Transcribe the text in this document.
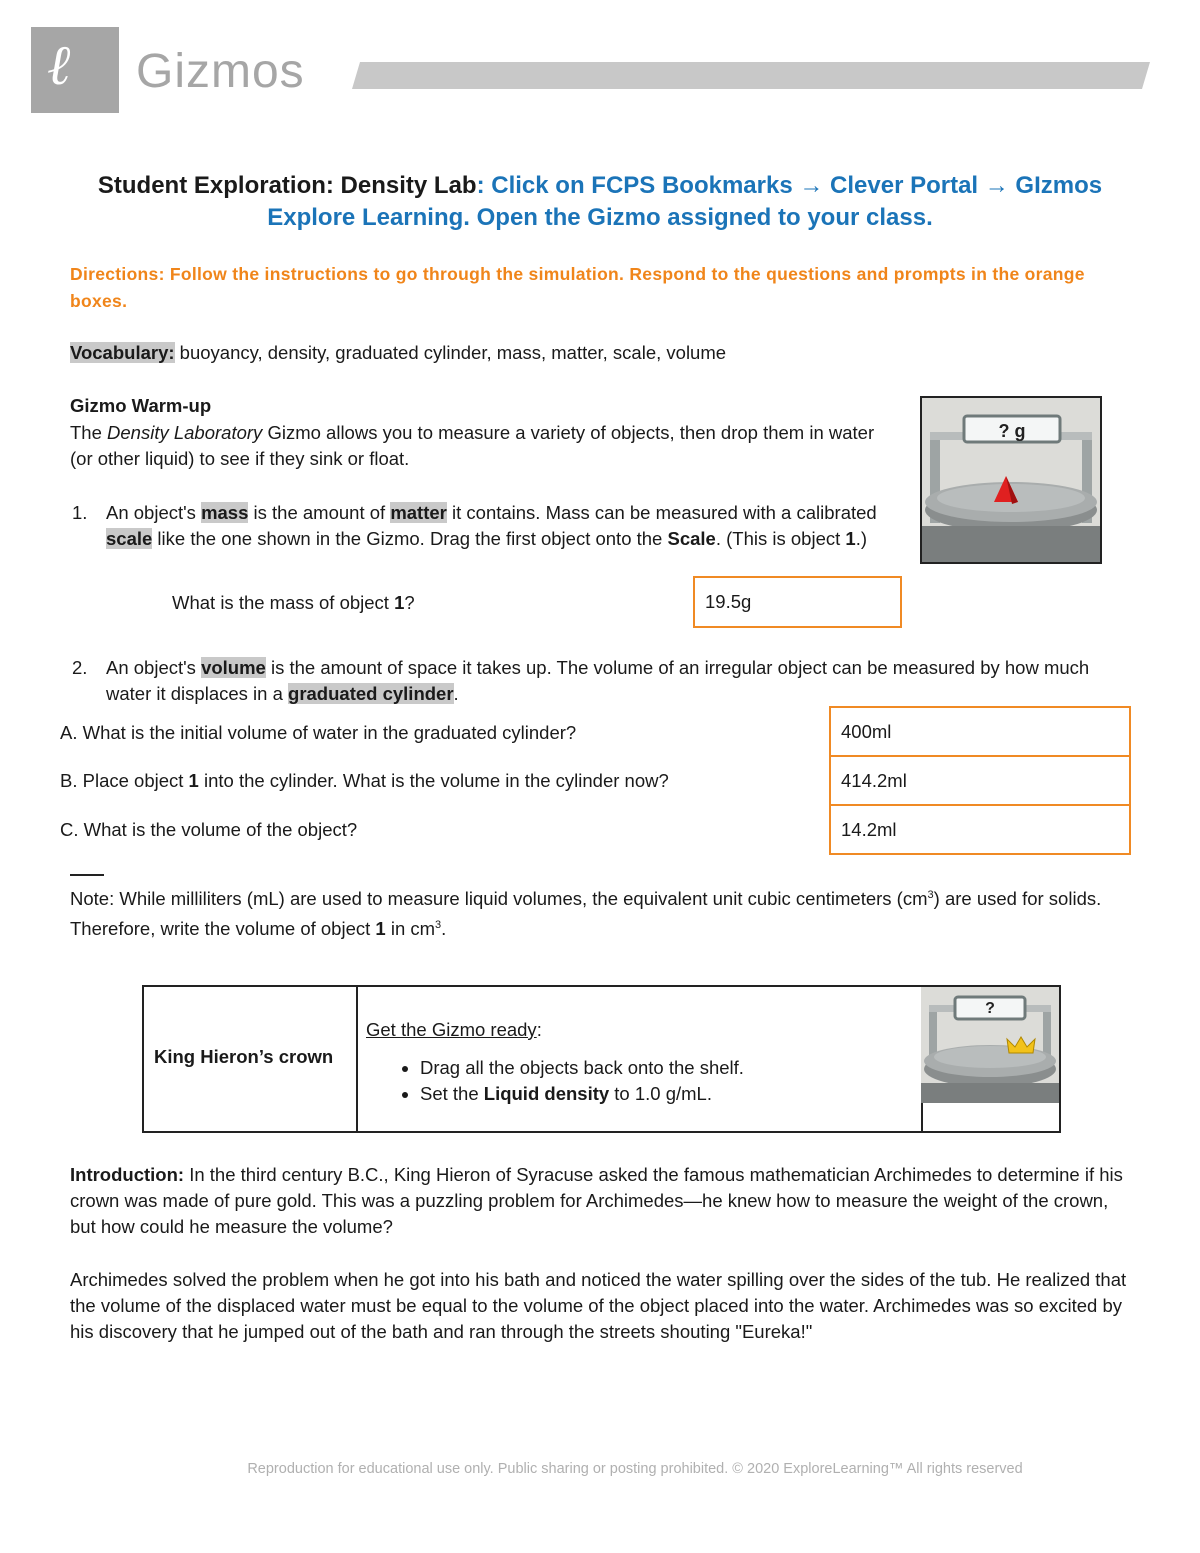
ℓ Gizmos
Student Exploration: Density Lab: Click on FCPS Bookmarks → Clever Portal → GIzmos Explore Learning. Open the Gizmo assigned to your class.
Directions: Follow the instructions to go through the simulation. Respond to the questions and prompts in the orange boxes.
Vocabulary: buoyancy, density, graduated cylinder, mass, matter, scale, volume
Gizmo Warm-up
The Density Laboratory Gizmo allows you to measure a variety of objects, then drop them in water (or other liquid) to see if they sink or float.
? g
1. An object's mass is the amount of matter it contains. Mass can be measured with a calibrated scale like the one shown in the Gizmo. Drag the first object onto the Scale. (This is object 1.)
What is the mass of object 1?	19.5g
2. An object's volume is the amount of space it takes up. The volume of an irregular object can be measured by how much water it displaces in a graduated cylinder.
A. What is the initial volume of water in the graduated cylinder?
B. Place object 1 into the cylinder. What is the volume in the cylinder now?
C. What is the volume of the object?
400ml
414.2ml
14.2ml
Note: While milliliters (mL) are used to measure liquid volumes, the equivalent unit cubic centimeters $(cm^3)$ are used for solids. Therefore, write the volume of object 1 in $cm^3$.
King Hieron’s crown
Get the Gizmo ready:
• Drag all the objects back onto the shelf.
• Set the Liquid density to 1.0 g/mL.
?
Introduction: In the third century B.C., King Hieron of Syracuse asked the famous mathematician Archimedes to determine if his crown was made of pure gold. This was a puzzling problem for Archimedes—he knew how to measure the weight of the crown, but how could he measure the volume?
Archimedes solved the problem when he got into his bath and noticed the water spilling over the sides of the tub. He realized that the volume of the displaced water must be equal to the volume of the object placed into the water. Archimedes was so excited by his discovery that he jumped out of the bath and ran through the streets shouting "Eureka!"
Reproduction for educational use only. Public sharing or posting prohibited. © 2020 ExploreLearning™ All rights reserved
